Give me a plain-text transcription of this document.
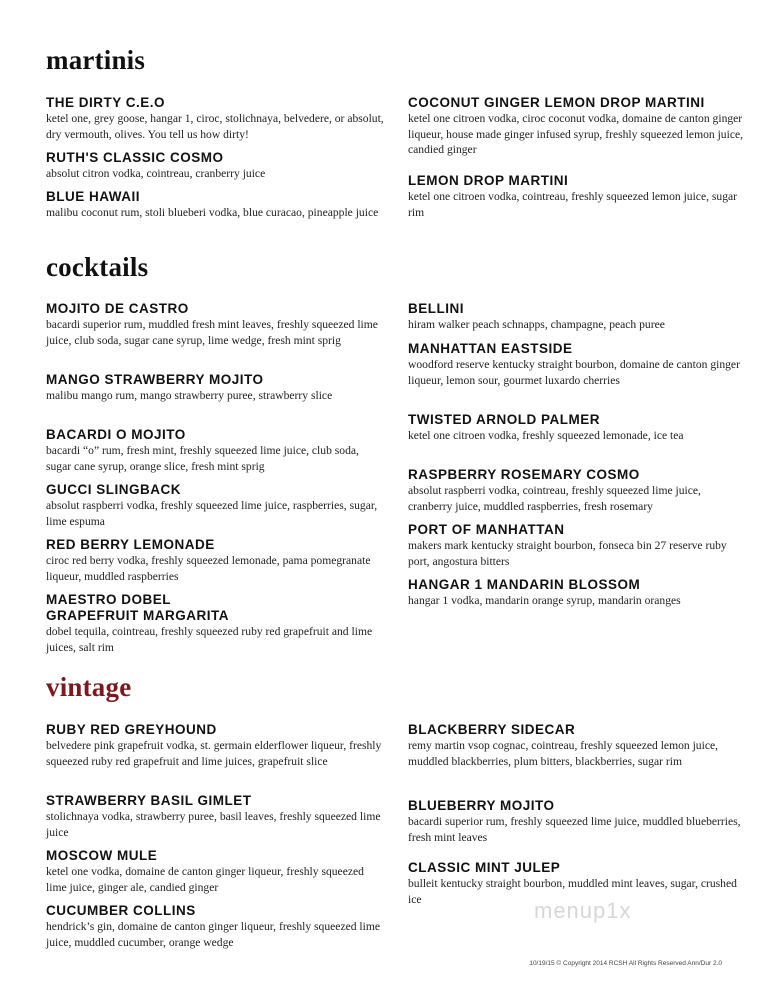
martinis
THE DIRTY C.E.O
ketel one, grey goose, hangar 1, ciroc, stolichnaya, belvedere, or absolut, dry vermouth, olives. You tell us how dirty!
RUTH'S CLASSIC COSMO
absolut citron vodka, cointreau, cranberry juice
BLUE HAWAII
malibu coconut rum, stoli blueberi vodka, blue curacao, pineapple juice
COCONUT GINGER LEMON DROP MARTINI
ketel one citroen vodka, ciroc coconut vodka, domaine de canton ginger liqueur, house made ginger infused syrup, freshly squeezed lemon juice, candied ginger
LEMON DROP MARTINI
ketel one citroen vodka, cointreau, freshly squeezed lemon juice, sugar rim
cocktails
MOJITO DE CASTRO
bacardi superior rum, muddled fresh mint leaves, freshly squeezed lime juice, club soda, sugar cane syrup, lime wedge, fresh mint sprig
MANGO STRAWBERRY MOJITO
malibu mango rum, mango strawberry puree, strawberry slice
BACARDI O MOJITO
bacardi “o” rum, fresh mint, freshly squeezed lime juice, club soda, sugar cane syrup, orange slice, fresh mint sprig
GUCCI SLINGBACK
absolut raspberri vodka, freshly squeezed lime juice, raspberries, sugar, lime espuma
RED BERRY LEMONADE
ciroc red berry vodka, freshly squeezed lemonade, pama pomegranate liqueur, muddled raspberries
MAESTRO DOBEL
GRAPEFRUIT MARGARITA
dobel tequila, cointreau, freshly squeezed ruby red grapefruit and lime juices, salt rim
BELLINI
hiram walker peach schnapps, champagne, peach puree
MANHATTAN EASTSIDE
woodford reserve kentucky straight bourbon, domaine de canton ginger liqueur, lemon sour, gourmet luxardo cherries
TWISTED ARNOLD PALMER
ketel one citroen vodka, freshly squeezed lemonade, ice tea
RASPBERRY ROSEMARY COSMO
absolut raspberri vodka, cointreau, freshly squeezed lime juice, cranberry juice, muddled raspberries, fresh rosemary
PORT OF MANHATTAN
makers mark kentucky straight bourbon, fonseca bin 27 reserve ruby port, angostura bitters
HANGAR 1 MANDARIN BLOSSOM
hangar 1 vodka, mandarin orange syrup, mandarin oranges
vintage
RUBY RED GREYHOUND
belvedere pink grapefruit vodka, st. germain elderflower liqueur, freshly squeezed ruby red grapefruit and lime juices, grapefruit slice
STRAWBERRY BASIL GIMLET
stolichnaya vodka, strawberry puree, basil leaves, freshly squeezed lime juice
MOSCOW MULE
ketel one vodka, domaine de canton ginger liqueur, freshly squeezed lime juice, ginger ale, candied ginger
CUCUMBER COLLINS
hendrick’s gin, domaine de canton ginger liqueur, freshly squeezed lime juice, muddled cucumber, orange wedge
BLACKBERRY SIDECAR
remy martin vsop cognac, cointreau, freshly squeezed lemon juice, muddled blackberries, plum bitters, blackberries, sugar rim
BLUEBERRY MOJITO
bacardi superior rum, freshly squeezed lime juice, muddled blueberries, fresh mint leaves
CLASSIC MINT JULEP
bulleit kentucky straight bourbon, muddled mint leaves, sugar, crushed ice	menup1x
10/19/15 © Copyright 2014 RCSH All Rights Reserved Ann/Dur 2.0
